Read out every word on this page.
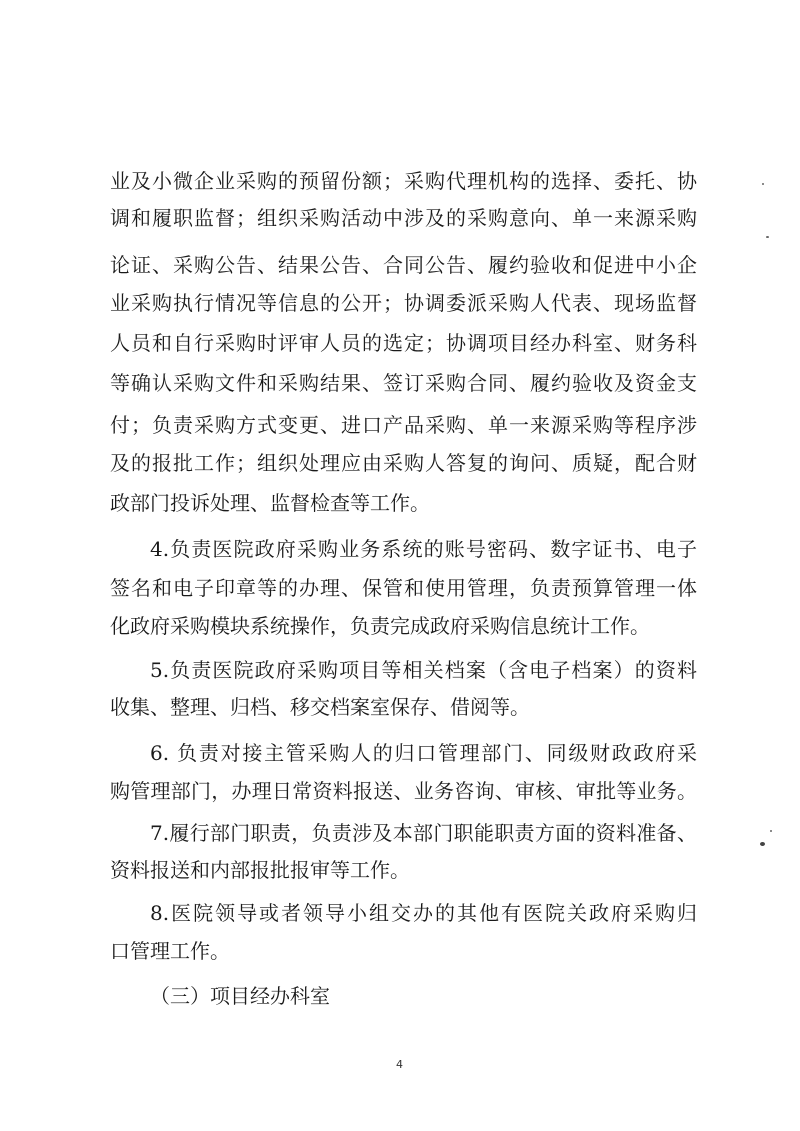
业及小微企业采购的预留份额；采购代理机构的选择、委托、协
调和履职监督；组织采购活动中涉及的采购意向、单一来源采购
论证、采购公告、结果公告、合同公告、履约验收和促进中小企
业采购执行情况等信息的公开；协调委派采购人代表、现场监督
人员和自行采购时评审人员的选定；协调项目经办科室、财务科
等确认采购文件和采购结果、签订采购合同、履约验收及资金支
付；负责采购方式变更、进口产品采购、单一来源采购等程序涉
及的报批工作；组织处理应由采购人答复的询问、质疑，配合财
政部门投诉处理、监督检查等工作。
4.负责医院政府采购业务系统的账号密码、数字证书、电子
签名和电子印章等的办理、保管和使用管理，负责预算管理一体
化政府采购模块系统操作，负责完成政府采购信息统计工作。
5.负责医院政府采购项目等相关档案（含电子档案）的资料
收集、整理、归档、移交档案室保存、借阅等。
6. 负责对接主管采购人的归口管理部门、同级财政政府采
购管理部门，办理日常资料报送、业务咨询、审核、审批等业务。
7.履行部门职责，负责涉及本部门职能职责方面的资料准备、
资料报送和内部报批报审等工作。
8.医院领导或者领导小组交办的其他有医院关政府采购归
口管理工作。
（三）项目经办科室
4
